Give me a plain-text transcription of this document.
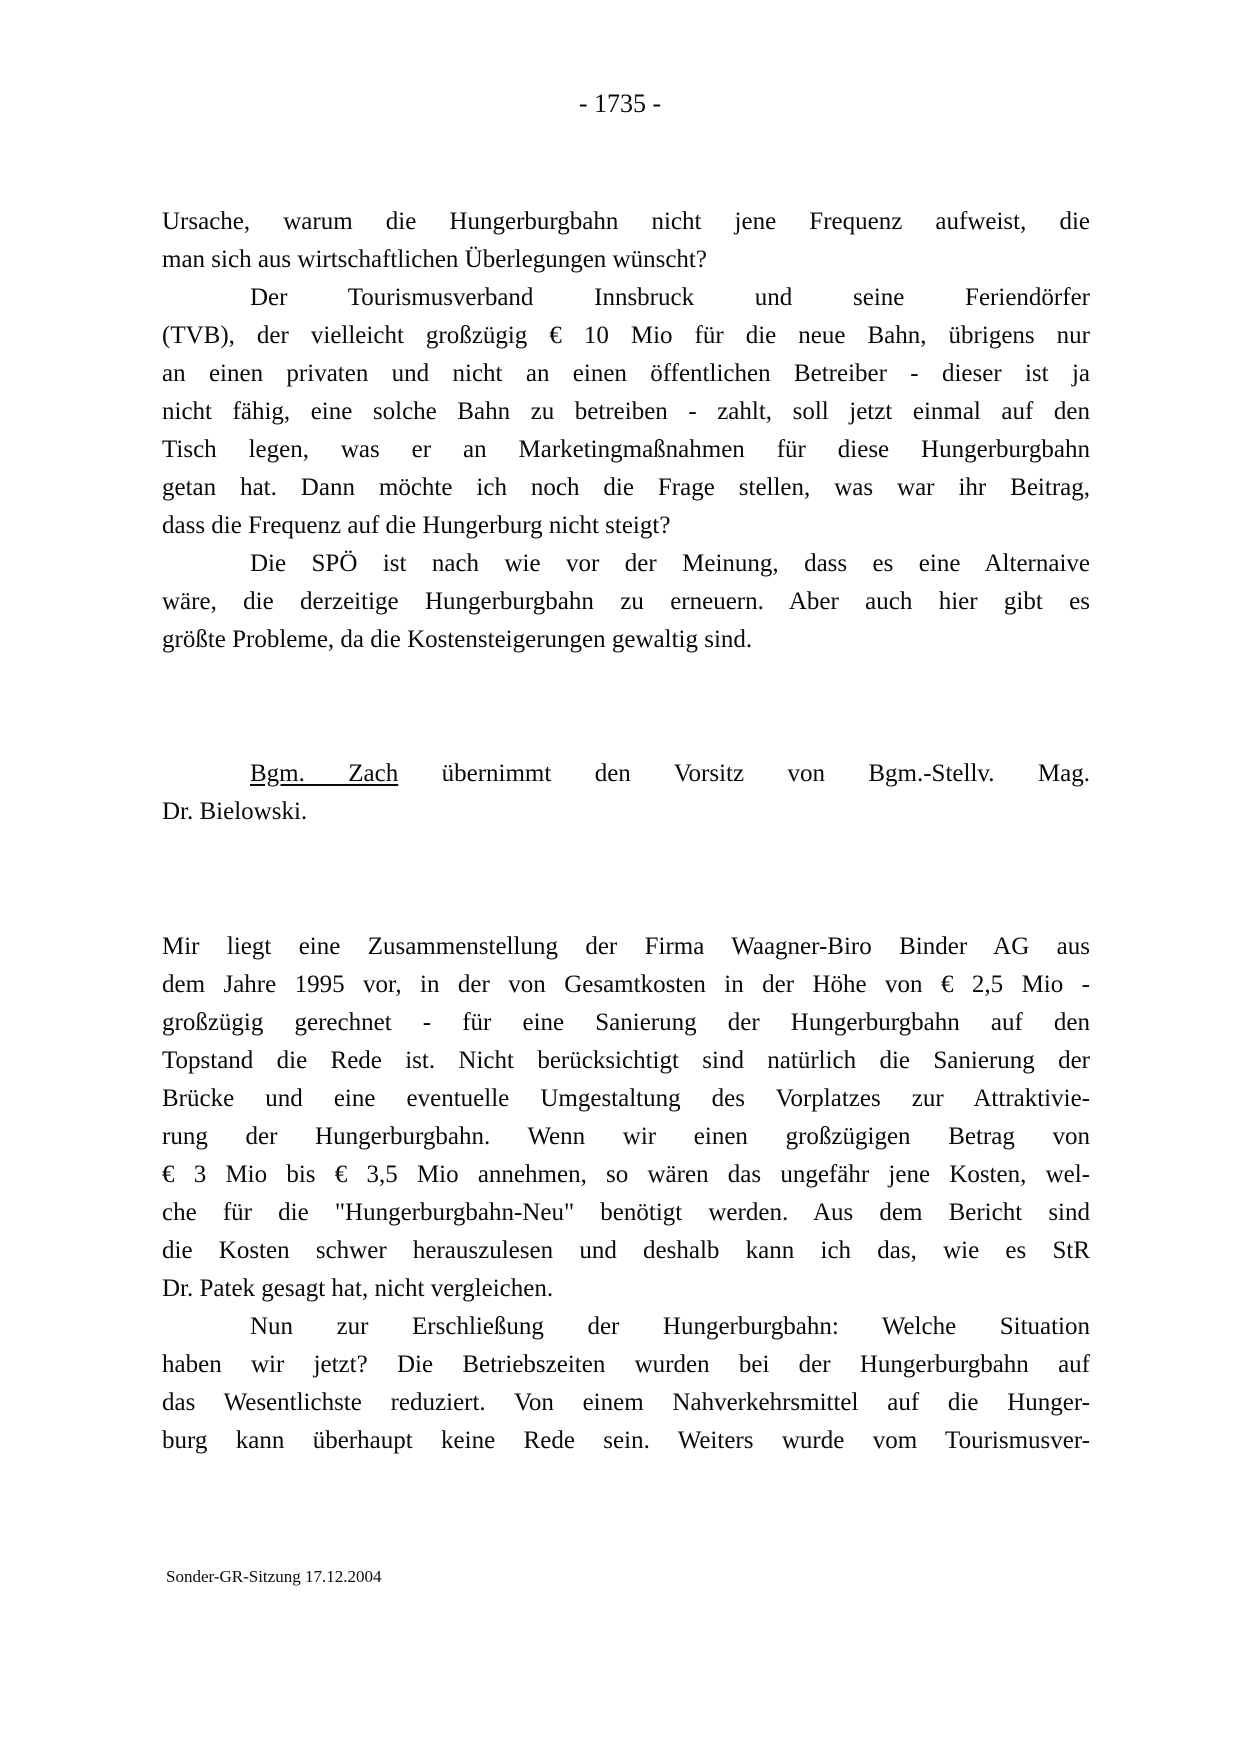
- 1735 -
Ursache, warum die Hungerburgbahn nicht jene Frequenz aufweist, die
man sich aus wirtschaftlichen Überlegungen wünscht?
Der Tourismusverband Innsbruck und seine Feriendörfer
(TVB), der vielleicht großzügig € 10 Mio für die neue Bahn, übrigens nur
an einen privaten und nicht an einen öffentlichen Betreiber - dieser ist ja
nicht fähig, eine solche Bahn zu betreiben - zahlt, soll jetzt einmal auf den
Tisch legen, was er an Marketingmaßnahmen für diese Hungerburgbahn
getan hat. Dann möchte ich noch die Frage stellen, was war ihr Beitrag,
dass die Frequenz auf die Hungerburg nicht steigt?
Die SPÖ ist nach wie vor der Meinung, dass es eine Alternaive
wäre, die derzeitige Hungerburgbahn zu erneuern. Aber auch hier gibt es
größte Probleme, da die Kostensteigerungen gewaltig sind.
Bgm. Zach übernimmt den Vorsitz von Bgm.-Stellv. Mag.
Dr. Bielowski.
Mir liegt eine Zusammenstellung der Firma Waagner-Biro Binder AG aus
dem Jahre 1995 vor, in der von Gesamtkosten in der Höhe von € 2,5 Mio -
großzügig gerechnet - für eine Sanierung der Hungerburgbahn auf den
Topstand die Rede ist. Nicht berücksichtigt sind natürlich die Sanierung der
Brücke und eine eventuelle Umgestaltung des Vorplatzes zur Attraktivie-
rung der Hungerburgbahn. Wenn wir einen großzügigen Betrag von
€ 3 Mio bis € 3,5 Mio annehmen, so wären das ungefähr jene Kosten, wel-
che für die "Hungerburgbahn-Neu" benötigt werden. Aus dem Bericht sind
die Kosten schwer herauszulesen und deshalb kann ich das, wie es StR
Dr. Patek gesagt hat, nicht vergleichen.
Nun zur Erschließung der Hungerburgbahn: Welche Situation
haben wir jetzt? Die Betriebszeiten wurden bei der Hungerburgbahn auf
das Wesentlichste reduziert. Von einem Nahverkehrsmittel auf die Hunger-
burg kann überhaupt keine Rede sein. Weiters wurde vom Tourismusver-
Sonder-GR-Sitzung 17.12.2004
